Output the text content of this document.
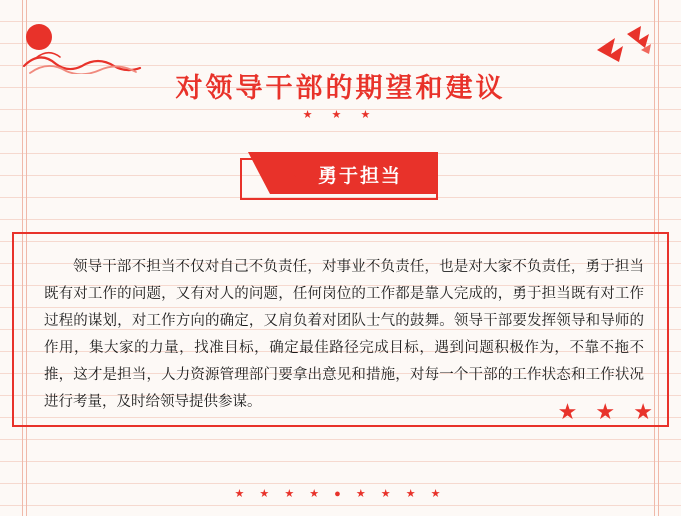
对领导干部的期望和建议
★ ★ ★
一	勇于担当
领导干部不担当不仅对自己不负责任，对事业不负责任，也是对大家不负责任，勇于担当既有对工作的问题，又有对人的问题，任何岗位的工作都是靠人完成的，勇于担当既有对工作过程的谋划，对工作方向的确定，又肩负着对团队士气的鼓舞。领导干部要发挥领导和导师的作用，集大家的力量，找准目标，确定最佳路径完成目标，遇到问题积极作为，不靠不拖不推，这才是担当，人力资源管理部门要拿出意见和措施，对每一个干部的工作状态和工作状况进行考量，及时给领导提供参谋。	★ ★ ★
★ ★ ★ ★ ● ★ ★ ★ ★
